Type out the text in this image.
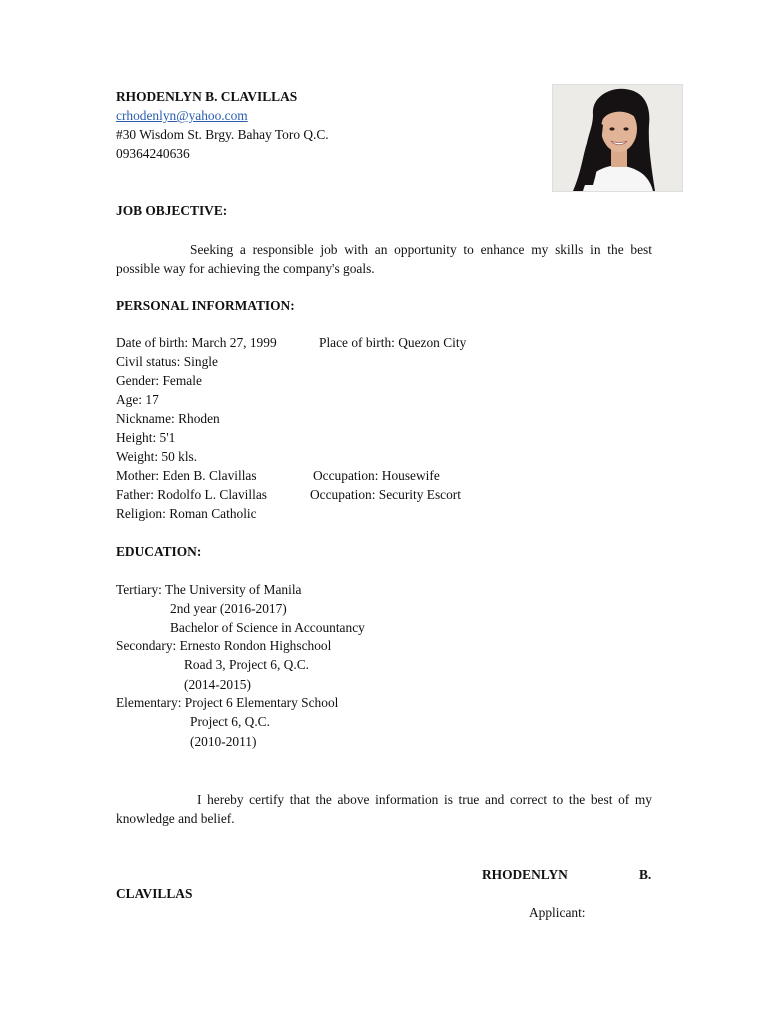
RHODENLYN B. CLAVILLAS
crhodenlyn@yahoo.com
#30 Wisdom St. Brgy. Bahay Toro Q.C.
09364240636
JOB OBJECTIVE:
Seeking a responsible job with an opportunity to enhance my skills in the best possible way for achieving the company's goals.
PERSONAL INFORMATION:
Date of birth: March 27, 1999	Place of birth: Quezon City
Civil status: Single
Gender: Female
Age: 17
Nickname: Rhoden
Height: 5'1
Weight: 50 kls.
Mother: Eden B. Clavillas	Occupation: Housewife
Father: Rodolfo L. Clavillas	Occupation: Security Escort
Religion: Roman Catholic
EDUCATION:
Tertiary: The University of Manila
2nd year (2016-2017)
Bachelor of Science in Accountancy
Secondary: Ernesto Rondon Highschool
Road 3, Project 6, Q.C.
(2014-2015)
Elementary: Project 6 Elementary School
Project 6, Q.C.
(2010-2011)
I hereby certify that the above information is true and correct to the best of my knowledge and belief.
RHODENLYN	B.
CLAVILLAS
Applicant:
